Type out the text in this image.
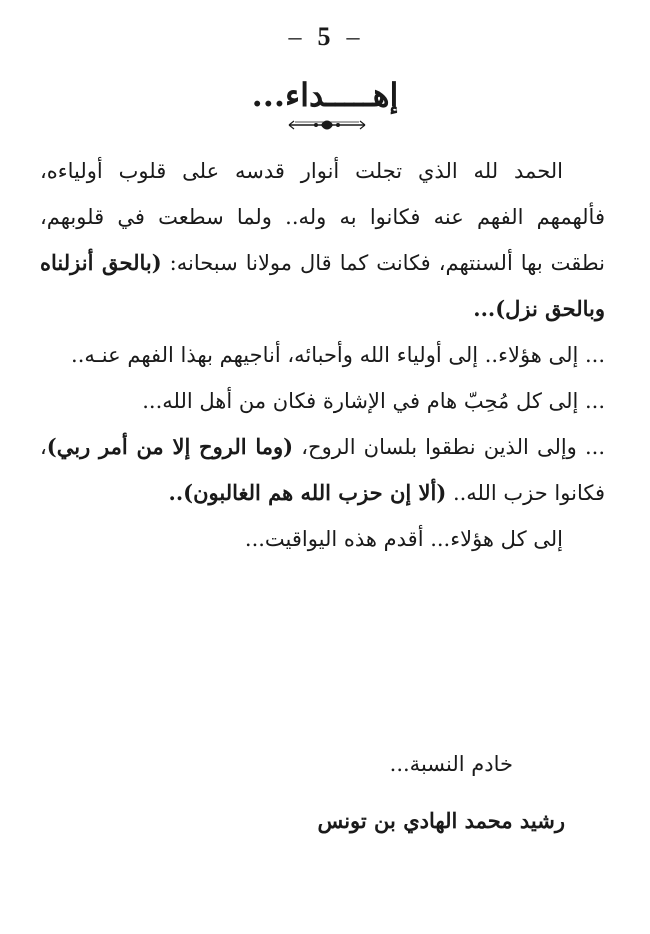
– 5 –
إهـــــداء...

الحمد لله الذي تجلت أنوار قدسه على قلوب أولياءه، فألهمهم الفهم عنه فكانوا به وله.. ولما سطعت في قلوبهم، نطقت بها ألسنتهم، فكانت كما قال مولانا سبحانه: (بالحق أنزلناه وبالحق نزل)...

... إلى هؤلاء.. إلى أولياء الله وأحبائه، أناجيهم بهذا الفهم عنـه..

... إلى كل مُحِبّ هام في الإشارة فكان من أهل الله...

... وإلى الذين نطقوا بلسان الروح، (وما الروح إلا من أمر ربي)، فكانوا حزب الله.. (ألا إن حزب الله هم الغالبون)..

إلى كل هؤلاء... أقدم هذه اليواقيت...

خادم النسبة...
رشيد محمد الهادي بن تونس
